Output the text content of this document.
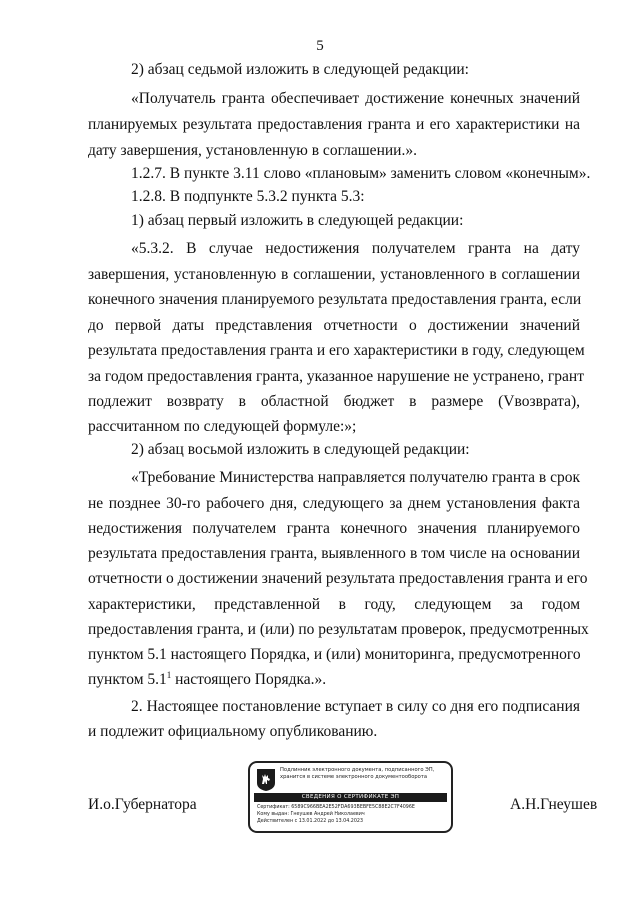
5
2) абзац седьмой изложить в следующей редакции:
«Получатель гранта обеспечивает достижение конечных значений
планируемых результата предоставления гранта и его характеристики на
дату завершения, установленную в соглашении.».
1.2.7. В пункте 3.11 слово «плановым» заменить словом «конечным».
1.2.8. В подпункте 5.3.2 пункта 5.3:
1) абзац первый изложить в следующей редакции:
«5.3.2. В случае недостижения получателем гранта на дату
завершения, установленную в соглашении, установленного в соглашении
конечного значения планируемого результата предоставления гранта, если
до первой даты представления отчетности о достижении значений
результата предоставления гранта и его характеристики в году, следующем
за годом предоставления гранта, указанное нарушение не устранено, грант
подлежит возврату в областной бюджет в размере (Vвозврата),
рассчитанном по следующей формуле:»;
2) абзац восьмой изложить в следующей редакции:
«Требование Министерства направляется получателю гранта в срок
не позднее 30-го рабочего дня, следующего за днем установления факта
недостижения получателем гранта конечного значения планируемого
результата предоставления гранта, выявленного в том числе на основании
отчетности о достижении значений результата предоставления гранта и его
характеристики, представленной в году, следующем за годом
предоставления гранта, и (или) по результатам проверок, предусмотренных
пунктом 5.1 настоящего Порядка, и (или) мониторинга, предусмотренного
пунктом $5.1^1$ настоящего Порядка.».
2. Настоящее постановление вступает в силу со дня его подписания
и подлежит официальному опубликованию.
И.о.Губернатора	А.Н.Гнеушев
Подлинник электронного документа, подписанного ЭП,
хранится в системе электронного документооборота
СВЕДЕНИЯ О СЕРТИФИКАТЕ ЭП
Сертификат: 6589C966BEA2E52FDA693BEBFE5C88E2C7F4096E
Кому выдан: Гнеушев Андрей Николаевич
Действителен с 13.01.2022 до 13.04.2023
